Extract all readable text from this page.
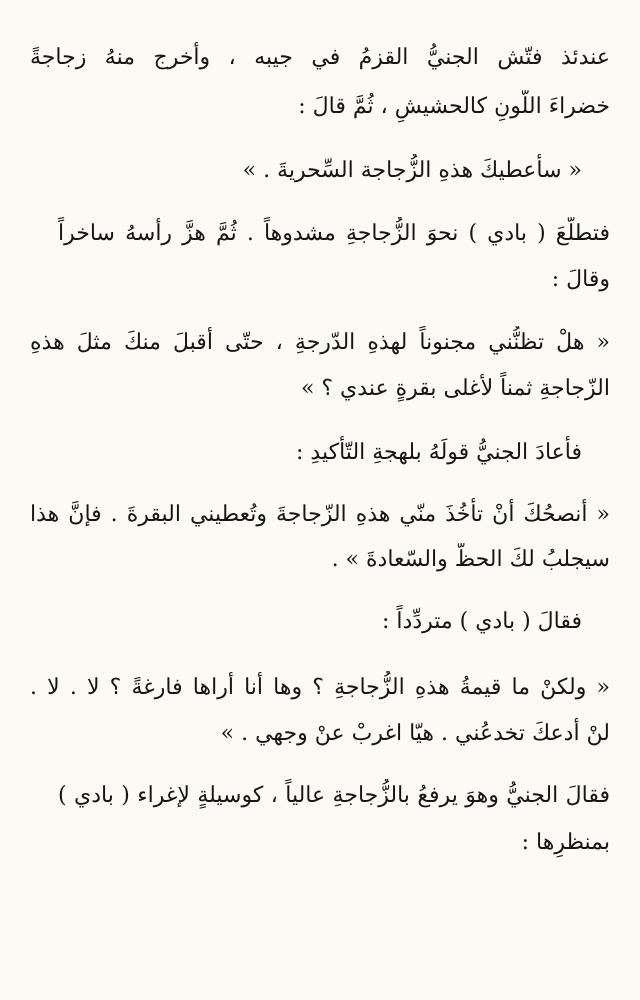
عندئذ فتّش الجنيُّ القزمُ في جيبه ، وأخرج منهُ زجاجةً
خضراءَ اللّونِ كالحشيشِ ، ثُمَّ قالَ :
« سأُعطيكَ هذهِ الزُّجاجة السِّحريةَ . »
فتطلّعَ ( بادي ) نحوَ الزُّجاجةِ مشدوهاً . ثُمَّ هزَّ رأسهُ ساخراً
وقالَ :
« هلْ تظنُّني مجنوناً لهذهِ الدّرجةِ ، حتّى أقبلَ منكَ مثلَ هذهِ
الزّجاجةِ ثمناً لأغلى بقرةٍ عندي ؟ »
فأعادَ الجنيُّ قولَهُ بلهجةِ التّأكيدِ :
« أنصحُكَ أنْ تأخُذَ منّي هذهِ الزّجاجةَ وتُعطيني البقرةَ . فإنَّ هذا
سيجلبُ لكَ الحظَّ والسّعادةَ » .
فقالَ ( بادي ) متردِّداً :
« ولكنْ ما قيمةُ هذهِ الزُّجاجةِ ؟ وها أنا أراها فارغةً ؟ لا . لا .
لنْ أدعكَ تخدعُني . هيّا اغربْ عنْ وجهي . »
فقالَ الجنيُّ وهوَ يرفعُ بالزُّجاجةِ عالياً ، كوسيلةٍ لإغراء ( بادي )
بمنظرِها :
